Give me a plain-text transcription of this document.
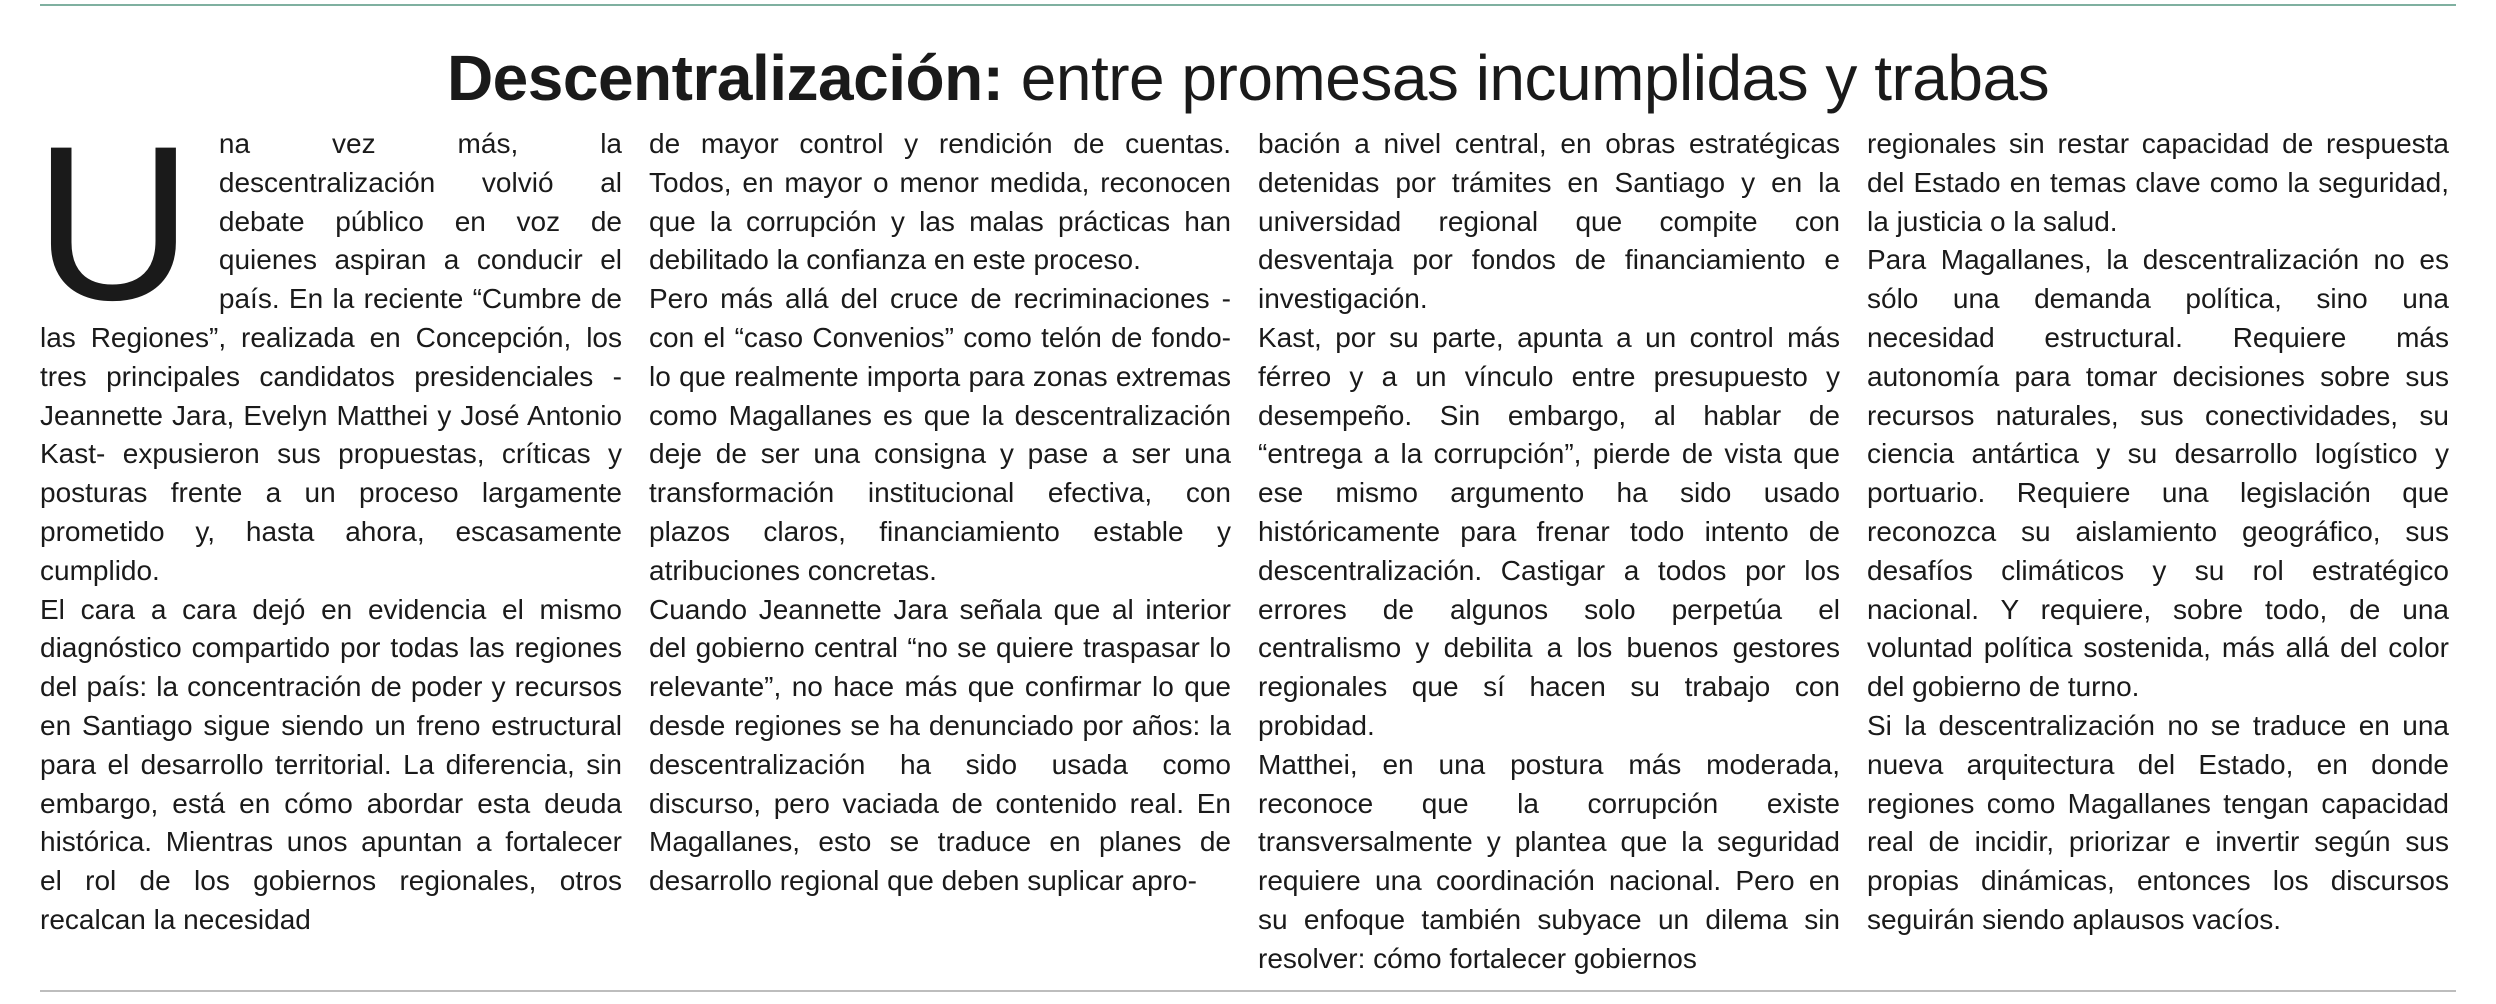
Descentralización: entre promesas incumplidas y trabas

U na vez más, la descentralización volvió al debate público en voz de quienes aspiran a conducir el país. En la reciente “Cumbre de las Regiones”, realizada en Concepción, los tres principales candidatos presidenciales -Jeannette Jara, Evelyn Matthei y José Antonio Kast- expusieron sus propuestas, críticas y posturas frente a un proceso largamente prometido y, hasta ahora, escasamente cumplido.

El cara a cara dejó en evidencia el mismo diagnóstico compartido por todas las regiones del país: la concentración de poder y recursos en Santiago sigue siendo un freno estructural para el desarrollo territorial. La diferencia, sin embargo, está en cómo abordar esta deuda histórica. Mientras unos apuntan a fortalecer el rol de los gobiernos regionales, otros recalcan la necesidad

de mayor control y rendición de cuentas. Todos, en mayor o menor medida, reconocen que la corrupción y las malas prácticas han debilitado la confianza en este proceso.

Pero más allá del cruce de recriminaciones -con el “caso Convenios” como telón de fondo- lo que realmente importa para zonas extremas como Magallanes es que la descentralización deje de ser una consigna y pase a ser una transformación institucional efectiva, con plazos claros, financiamiento estable y atribuciones concretas.

Cuando Jeannette Jara señala que al interior del gobierno central “no se quiere traspasar lo relevante”, no hace más que confirmar lo que desde regiones se ha denunciado por años: la descentralización ha sido usada como discurso, pero vaciada de contenido real. En Magallanes, esto se traduce en planes de desarrollo regional que deben suplicar apro-

bación a nivel central, en obras estratégicas detenidas por trámites en Santiago y en la universidad regional que compite con desventaja por fondos de financiamiento e investigación.

Kast, por su parte, apunta a un control más férreo y a un vínculo entre presupuesto y desempeño. Sin embargo, al hablar de “entrega a la corrupción”, pierde de vista que ese mismo argumento ha sido usado históricamente para frenar todo intento de descentralización. Castigar a todos por los errores de algunos solo perpetúa el centralismo y debilita a los buenos gestores regionales que sí hacen su trabajo con probidad.

Matthei, en una postura más moderada, reconoce que la corrupción existe transversalmente y plantea que la seguridad requiere una coordinación nacional. Pero en su enfoque también subyace un dilema sin resolver: cómo fortalecer gobiernos

regionales sin restar capacidad de respuesta del Estado en temas clave como la seguridad, la justicia o la salud.

Para Magallanes, la descentralización no es sólo una demanda política, sino una necesidad estructural. Requiere más autonomía para tomar decisiones sobre sus recursos naturales, sus conectividades, su ciencia antártica y su desarrollo logístico y portuario. Requiere una legislación que reconozca su aislamiento geográfico, sus desafíos climáticos y su rol estratégico nacional. Y requiere, sobre todo, de una voluntad política sostenida, más allá del color del gobierno de turno.

Si la descentralización no se traduce en una nueva arquitectura del Estado, en donde regiones como Magallanes tengan capacidad real de incidir, priorizar e invertir según sus propias dinámicas, entonces los discursos seguirán siendo aplausos vacíos.
